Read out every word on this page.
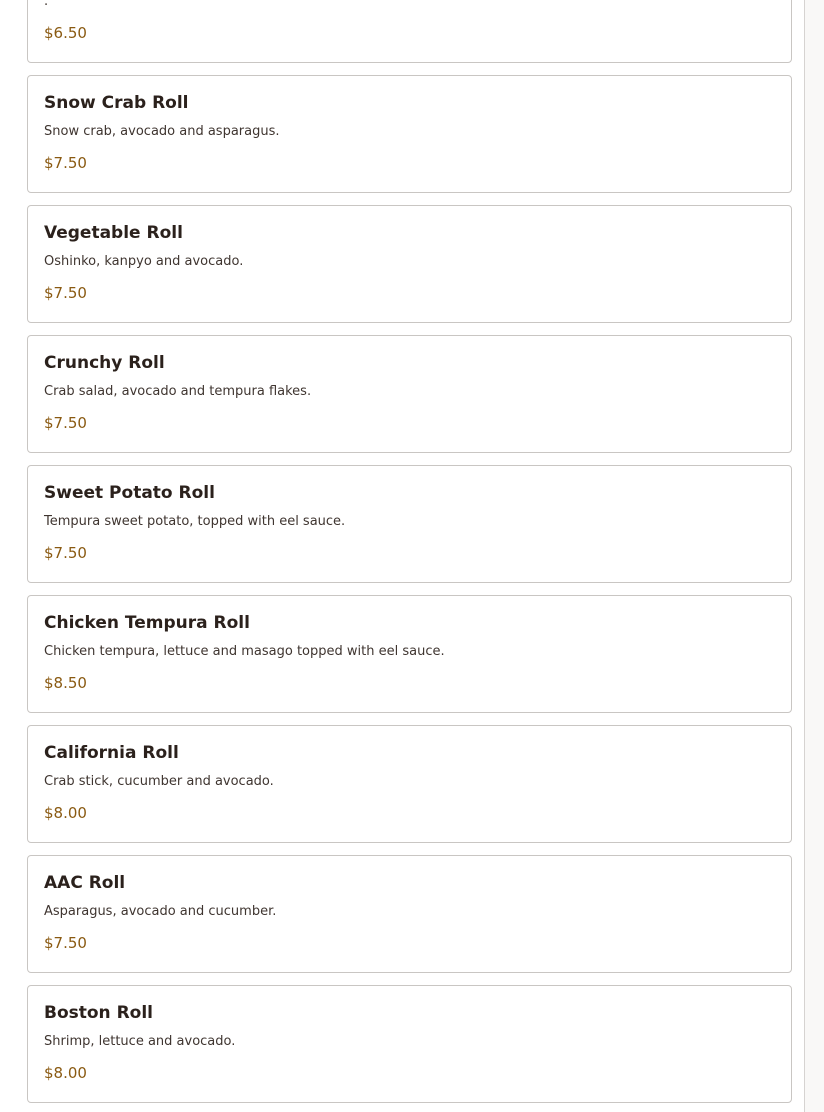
.

$6.50

Snow Crab Roll

Snow crab, avocado and asparagus.

$7.50

Vegetable Roll

Oshinko, kanpyo and avocado.

$7.50

Crunchy Roll

Crab salad, avocado and tempura flakes.

$7.50

Sweet Potato Roll

Tempura sweet potato, topped with eel sauce.

$7.50

Chicken Tempura Roll

Chicken tempura, lettuce and masago topped with eel sauce.

$8.50

California Roll

Crab stick, cucumber and avocado.

$8.00

AAC Roll

Asparagus, avocado and cucumber.

$7.50

Boston Roll

Shrimp, lettuce and avocado.

$8.00
